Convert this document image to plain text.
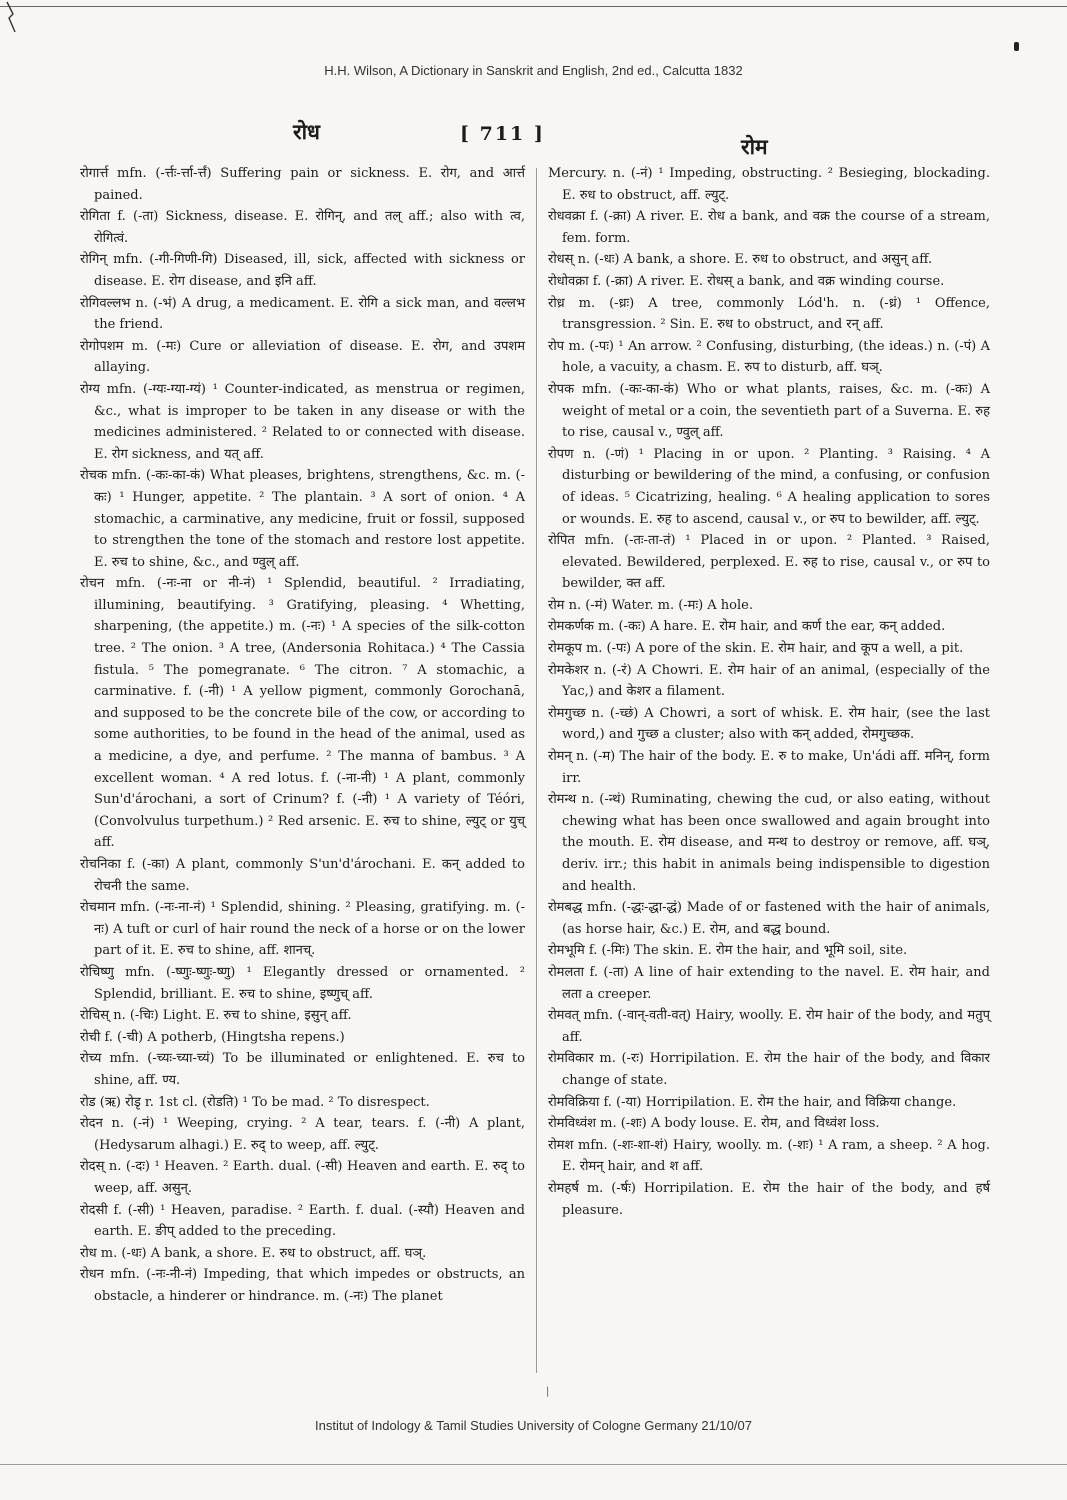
H.H. Wilson, A Dictionary in Sanskrit and English, 2nd ed., Calcutta 1832
रोध	[ 711 ]	रोम

रोगार्त्त mfn. (-र्त्तः-र्त्ता-र्त्तं) Suffering pain or sickness. E. रोग, and आर्त्त pained.

रोगिता f. (-ता) Sickness, disease. E. रोगिन्, and तल् aff.; also with त्व, रोगित्वं.

रोगिन् mfn. (-गी-गिणी-गि) Diseased, ill, sick, affected with sickness or disease. E. रोग disease, and इनि aff.

रोगिवल्लभ n. (-भं) A drug, a medicament. E. रोगि a sick man, and वल्लभ the friend.

रोगोपशम m. (-मः) Cure or alleviation of disease. E. रोग, and उपशम allaying.

रोग्य mfn. (-ग्यः-ग्या-ग्यं) ¹ Counter-indicated, as menstrua or regimen, &c., what is improper to be taken in any disease or with the medicines administered. ² Related to or connected with disease. E. रोग sickness, and यत् aff.

रोचक mfn. (-कः-का-कं) What pleases, brightens, strengthens, &c. m. (-कः) ¹ Hunger, appetite. ² The plantain. ³ A sort of onion. ⁴ A stomachic, a carminative, any medicine, fruit or fossil, supposed to strengthen the tone of the stomach and restore lost appetite. E. रुच to shine, &c., and ण्वुल् aff.

रोचन mfn. (-नः-ना or नी-नं) ¹ Splendid, beautiful. ² Irradiating, illumining, beautifying. ³ Gratifying, pleasing. ⁴ Whetting, sharpening, (the appetite.) m. (-नः) ¹ A species of the silk-cotton tree. ² The onion. ³ A tree, (Andersonia Rohitaca.) ⁴ The Cassia fistula. ⁵ The pomegranate. ⁶ The citron. ⁷ A stomachic, a carminative. f. (-नी) ¹ A yellow pigment, commonly Gorochanā, and supposed to be the concrete bile of the cow, or according to some authorities, to be found in the head of the animal, used as a medicine, a dye, and perfume. ² The manna of bambus. ³ A excellent woman. ⁴ A red lotus. f. (-ना-नी) ¹ A plant, commonly Sun'd'árochani, a sort of Crinum? f. (-नी) ¹ A variety of Téóri, (Convolvulus turpethum.) ² Red arsenic. E. रुच to shine, ल्युट् or युच् aff.

रोचनिका f. (-का) A plant, commonly S'un'd'árochani. E. कन् added to रोचनी the same.

रोचमान mfn. (-नः-ना-नं) ¹ Splendid, shining. ² Pleasing, gratifying. m. (-नः) A tuft or curl of hair round the neck of a horse or on the lower part of it. E. रुच to shine, aff. शानच्.

रोचिष्णु mfn. (-ष्णुः-ष्णुः-ष्णु) ¹ Elegantly dressed or ornamented. ² Splendid, brilliant. E. रुच to shine, इष्णुच् aff.

रोचिस् n. (-चिः) Light. E. रुच to shine, इसुन् aff.

रोची f. (-ची) A potherb, (Hingtsha repens.)

रोच्य mfn. (-च्यः-च्या-च्यं) To be illuminated or enlightened. E. रुच to shine, aff. ण्य.

रोड (ऋ) रोडृ r. 1st cl. (रोडति) ¹ To be mad. ² To disrespect.

रोदन n. (-नं) ¹ Weeping, crying. ² A tear, tears. f. (-नी) A plant, (Hedysarum alhagi.) E. रुद् to weep, aff. ल्युट्.

रोदस् n. (-दः) ¹ Heaven. ² Earth. dual. (-सी) Heaven and earth. E. रुद् to weep, aff. असुन्.

रोदसी f. (-सी) ¹ Heaven, paradise. ² Earth. f. dual. (-स्यौ) Heaven and earth. E. ङीप् added to the preceding.

रोध m. (-धः) A bank, a shore. E. रुध to obstruct, aff. घञ्.

रोधन mfn. (-नः-नी-नं) Impeding, that which impedes or obstructs, an obstacle, a hinderer or hindrance. m. (-नः) The planet

Mercury. n. (-नं) ¹ Impeding, obstructing. ² Besieging, blockading. E. रुध to obstruct, aff. ल्युट्.

रोधवक्रा f. (-क्रा) A river. E. रोध a bank, and वक्र the course of a stream, fem. form.

रोधस् n. (-धः) A bank, a shore. E. रुध to obstruct, and असुन् aff.

रोधोवक्रा f. (-क्रा) A river. E. रोधस् a bank, and वक्र winding course.

रोध्र m. (-ध्रः) A tree, commonly Lód'h. n. (-ध्रं) ¹ Offence, transgression. ² Sin. E. रुध to obstruct, and रन् aff.

रोप m. (-पः) ¹ An arrow. ² Confusing, disturbing, (the ideas.) n. (-पं) A hole, a vacuity, a chasm. E. रुप to disturb, aff. घञ्.

रोपक mfn. (-कः-का-कं) Who or what plants, raises, &c. m. (-कः) A weight of metal or a coin, the seventieth part of a Suverna. E. रुह to rise, causal v., ण्वुल् aff.

रोपण n. (-णं) ¹ Placing in or upon. ² Planting. ³ Raising. ⁴ A disturbing or bewildering of the mind, a confusing, or confusion of ideas. ⁵ Cicatrizing, healing. ⁶ A healing application to sores or wounds. E. रुह to ascend, causal v., or रुप to bewilder, aff. ल्युट्.

रोपित mfn. (-तः-ता-तं) ¹ Placed in or upon. ² Planted. ³ Raised, elevated. Bewildered, perplexed. E. रुह to rise, causal v., or रुप to bewilder, क्त aff.

रोम n. (-मं) Water. m. (-मः) A hole.

रोमकर्णक m. (-कः) A hare. E. रोम hair, and कर्ण the ear, कन् added.

रोमकूप m. (-पः) A pore of the skin. E. रोम hair, and कूप a well, a pit.

रोमकेशर n. (-रं) A Chowri. E. रोम hair of an animal, (especially of the Yac,) and केशर a filament.

रोमगुच्छ n. (-च्छं) A Chowri, a sort of whisk. E. रोम hair, (see the last word,) and गुच्छ a cluster; also with कन् added, रोमगुच्छक.

रोमन् n. (-म) The hair of the body. E. रु to make, Un'ádi aff. मनिन्, form irr.

रोमन्थ n. (-न्थं) Ruminating, chewing the cud, or also eating, without chewing what has been once swallowed and again brought into the mouth. E. रोम disease, and मन्थ to destroy or remove, aff. घञ्, deriv. irr.; this habit in animals being indispensible to digestion and health.

रोमबद्ध mfn. (-द्धः-द्धा-द्धं) Made of or fastened with the hair of animals, (as horse hair, &c.) E. रोम, and बद्ध bound.

रोमभूमि f. (-मिः) The skin. E. रोम the hair, and भूमि soil, site.

रोमलता f. (-ता) A line of hair extending to the navel. E. रोम hair, and लता a creeper.

रोमवत् mfn. (-वान्-वती-वत्) Hairy, woolly. E. रोम hair of the body, and मतुप् aff.

रोमविकार m. (-रः) Horripilation. E. रोम the hair of the body, and विकार change of state.

रोमविक्रिया f. (-या) Horripilation. E. रोम the hair, and विक्रिया change.

रोमविध्वंश m. (-शः) A body louse. E. रोम, and विध्वंश loss.

रोमश mfn. (-शः-शा-शं) Hairy, woolly. m. (-शः) ¹ A ram, a sheep. ² A hog. E. रोमन् hair, and श aff.

रोमहर्ष m. (-र्षः) Horripilation. E. रोम the hair of the body, and हर्ष pleasure.

|
Institut of Indology & Tamil Studies University of Cologne Germany 21/10/07
